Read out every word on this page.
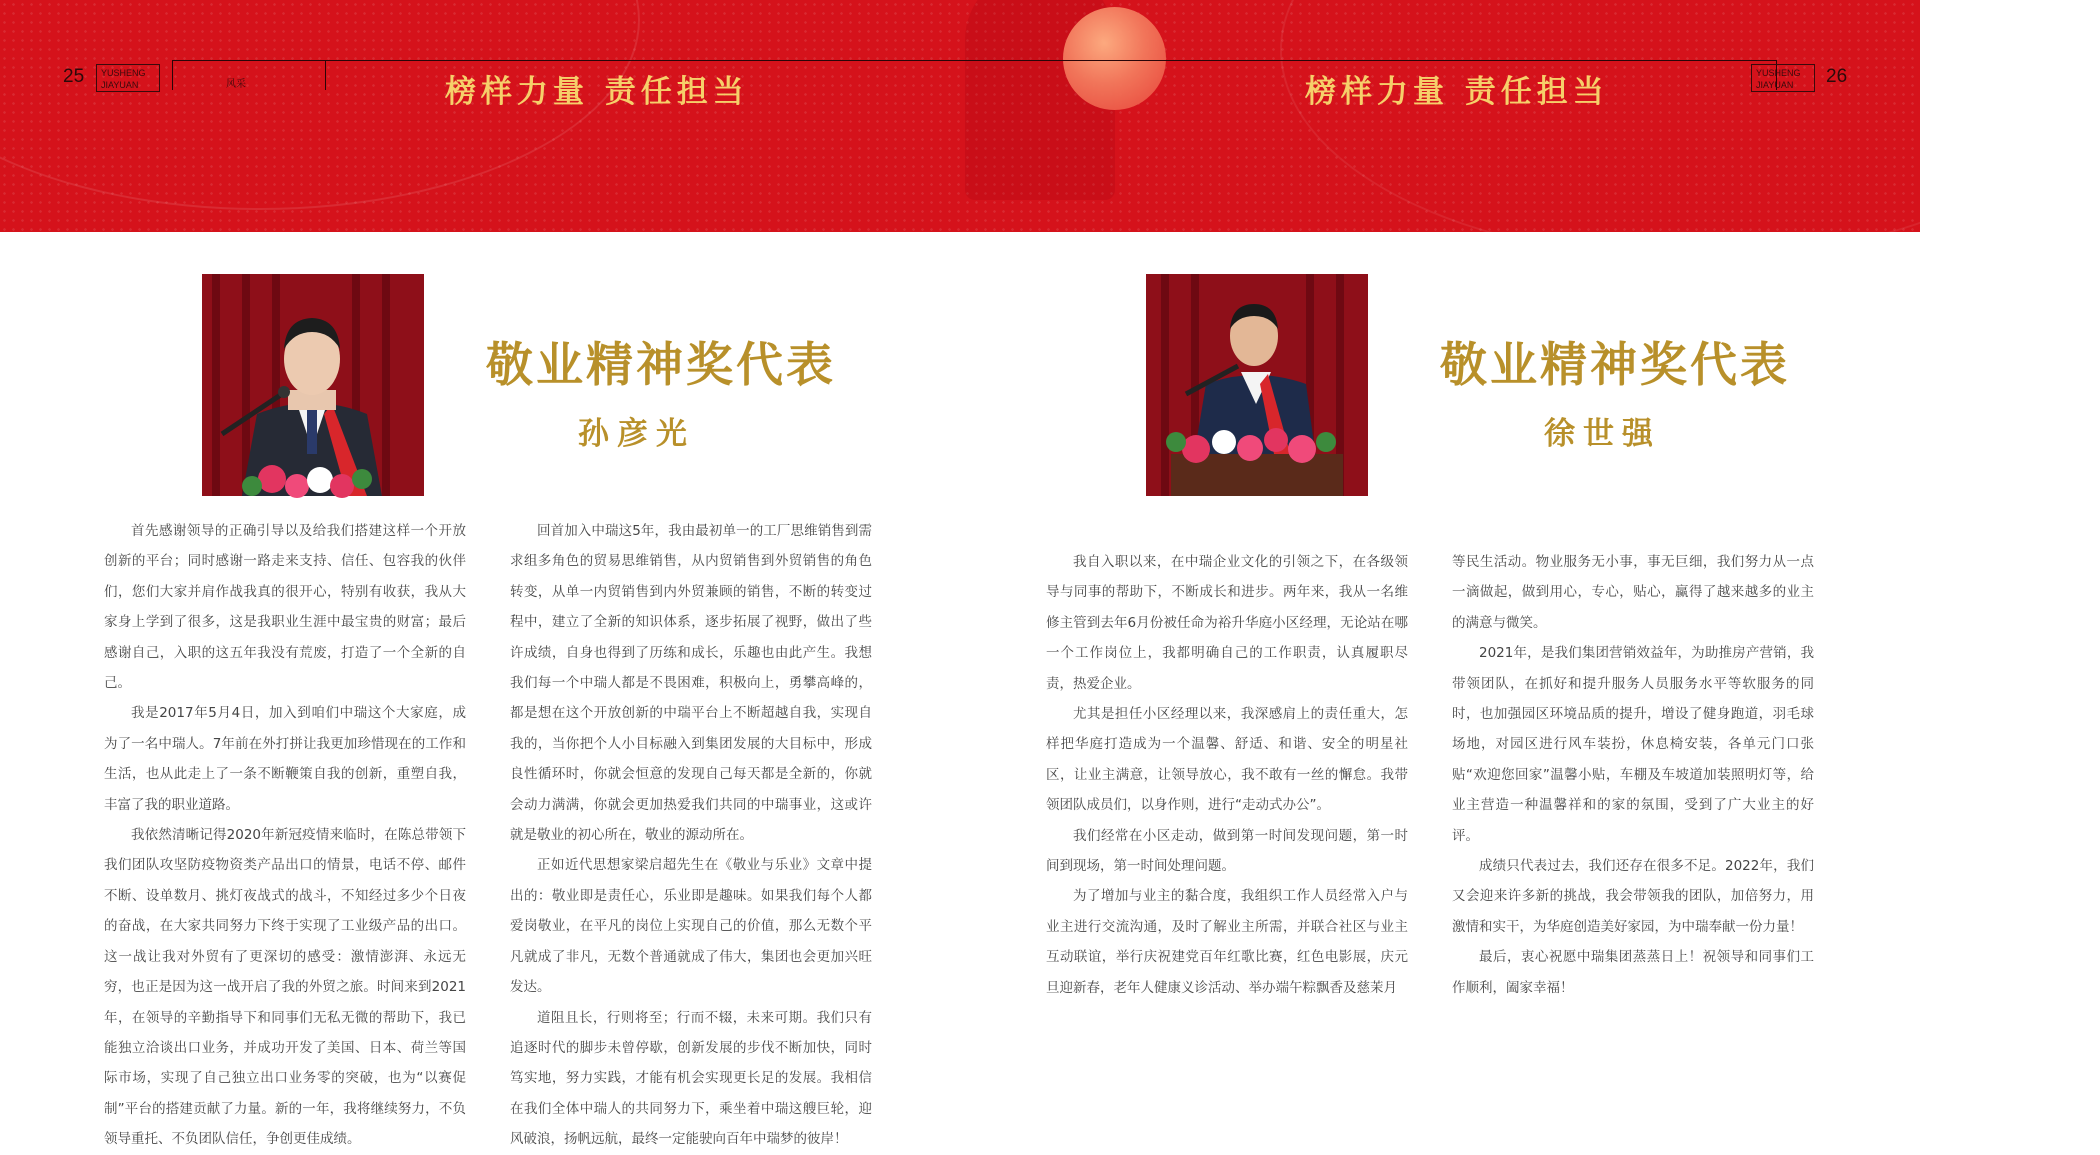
25 YUSHENG
JIAYUAN	风采	榜样力量 责任担当	榜样力量 责任担当
YUSHENG
JIAYUAN	26
敬业精神奖代表
孙彦光

首先感谢领导的正确引导以及给我们搭建这样一个开放创新的平台；同时感谢一路走来支持、信任、包容我的伙伴们，您们大家并肩作战我真的很开心，特别有收获，我从大家身上学到了很多，这是我职业生涯中最宝贵的财富；最后感谢自己，入职的这五年我没有荒废，打造了一个全新的自己。

我是2017年5月4日，加入到咱们中瑞这个大家庭，成为了一名中瑞人。7年前在外打拼让我更加珍惜现在的工作和生活，也从此走上了一条不断鞭策自我的创新，重塑自我，丰富了我的职业道路。

我依然清晰记得2020年新冠疫情来临时，在陈总带领下我们团队攻坚防疫物资类产品出口的情景，电话不停、邮件不断、设单数月、挑灯夜战式的战斗，不知经过多少个日夜的奋战，在大家共同努力下终于实现了工业级产品的出口。这一战让我对外贸有了更深切的感受：激情澎湃、永远无穷，也正是因为这一战开启了我的外贸之旅。时间来到2021年，在领导的辛勤指导下和同事们无私无微的帮助下，我已能独立洽谈出口业务，并成功开发了美国、日本、荷兰等国际市场，实现了自己独立出口业务零的突破，也为“以赛促制”平台的搭建贡献了力量。新的一年，我将继续努力，不负领导重托、不负团队信任，争创更佳成绩。

回首加入中瑞这5年，我由最初单一的工厂思维销售到需求组多角色的贸易思维销售，从内贸销售到外贸销售的角色转变，从单一内贸销售到内外贸兼顾的销售，不断的转变过程中，建立了全新的知识体系，逐步拓展了视野，做出了些许成绩，自身也得到了历练和成长，乐趣也由此产生。我想我们每一个中瑞人都是不畏困难，积极向上，勇攀高峰的，都是想在这个开放创新的中瑞平台上不断超越自我，实现自我的，当你把个人小目标融入到集团发展的大目标中，形成良性循环时，你就会恒意的发现自己每天都是全新的，你就会动力满满，你就会更加热爱我们共同的中瑞事业，这或许就是敬业的初心所在，敬业的源动所在。

正如近代思想家梁启超先生在《敬业与乐业》文章中提出的：敬业即是责任心，乐业即是趣味。如果我们每个人都爱岗敬业，在平凡的岗位上实现自己的价值，那么无数个平凡就成了非凡，无数个普通就成了伟大，集团也会更加兴旺发达。

道阻且长，行则将至；行而不辍，未来可期。我们只有追逐时代的脚步未曾停歇，创新发展的步伐不断加快，同时笃实地，努力实践，才能有机会实现更长足的发展。我相信在我们全体中瑞人的共同努力下，乘坐着中瑞这艘巨轮，迎风破浪，扬帆远航，最终一定能驶向百年中瑞梦的彼岸！

敬业精神奖代表
徐世强

我自入职以来，在中瑞企业文化的引领之下，在各级领导与同事的帮助下，不断成长和进步。两年来，我从一名维修主管到去年6月份被任命为裕升华庭小区经理，无论站在哪一个工作岗位上，我都明确自己的工作职责，认真履职尽责，热爱企业。

尤其是担任小区经理以来，我深感肩上的责任重大，怎样把华庭打造成为一个温馨、舒适、和谐、安全的明星社区，让业主满意，让领导放心，我不敢有一丝的懈怠。我带领团队成员们，以身作则，进行“走动式办公”。

我们经常在小区走动，做到第一时间发现问题，第一时间到现场，第一时间处理问题。

为了增加与业主的黏合度，我组织工作人员经常入户与业主进行交流沟通，及时了解业主所需，并联合社区与业主互动联谊，举行庆祝建党百年红歌比赛，红色电影展，庆元旦迎新春，老年人健康义诊活动、举办端午粽飘香及慈茉月

等民生活动。物业服务无小事，事无巨细，我们努力从一点一滴做起，做到用心，专心，贴心，赢得了越来越多的业主的满意与微笑。

2021年，是我们集团营销效益年，为助推房产营销，我带领团队，在抓好和提升服务人员服务水平等软服务的同时，也加强园区环境品质的提升，增设了健身跑道，羽毛球场地，对园区进行风车装扮，休息椅安装，各单元门口张贴“欢迎您回家”温馨小贴，车棚及车坡道加装照明灯等，给业主营造一种温馨祥和的家的氛围，受到了广大业主的好评。

成绩只代表过去，我们还存在很多不足。2022年，我们又会迎来许多新的挑战，我会带领我的团队，加倍努力，用激情和实干，为华庭创造美好家园，为中瑞奉献一份力量！

最后，衷心祝愿中瑞集团蒸蒸日上！祝领导和同事们工作顺利，阖家幸福！
